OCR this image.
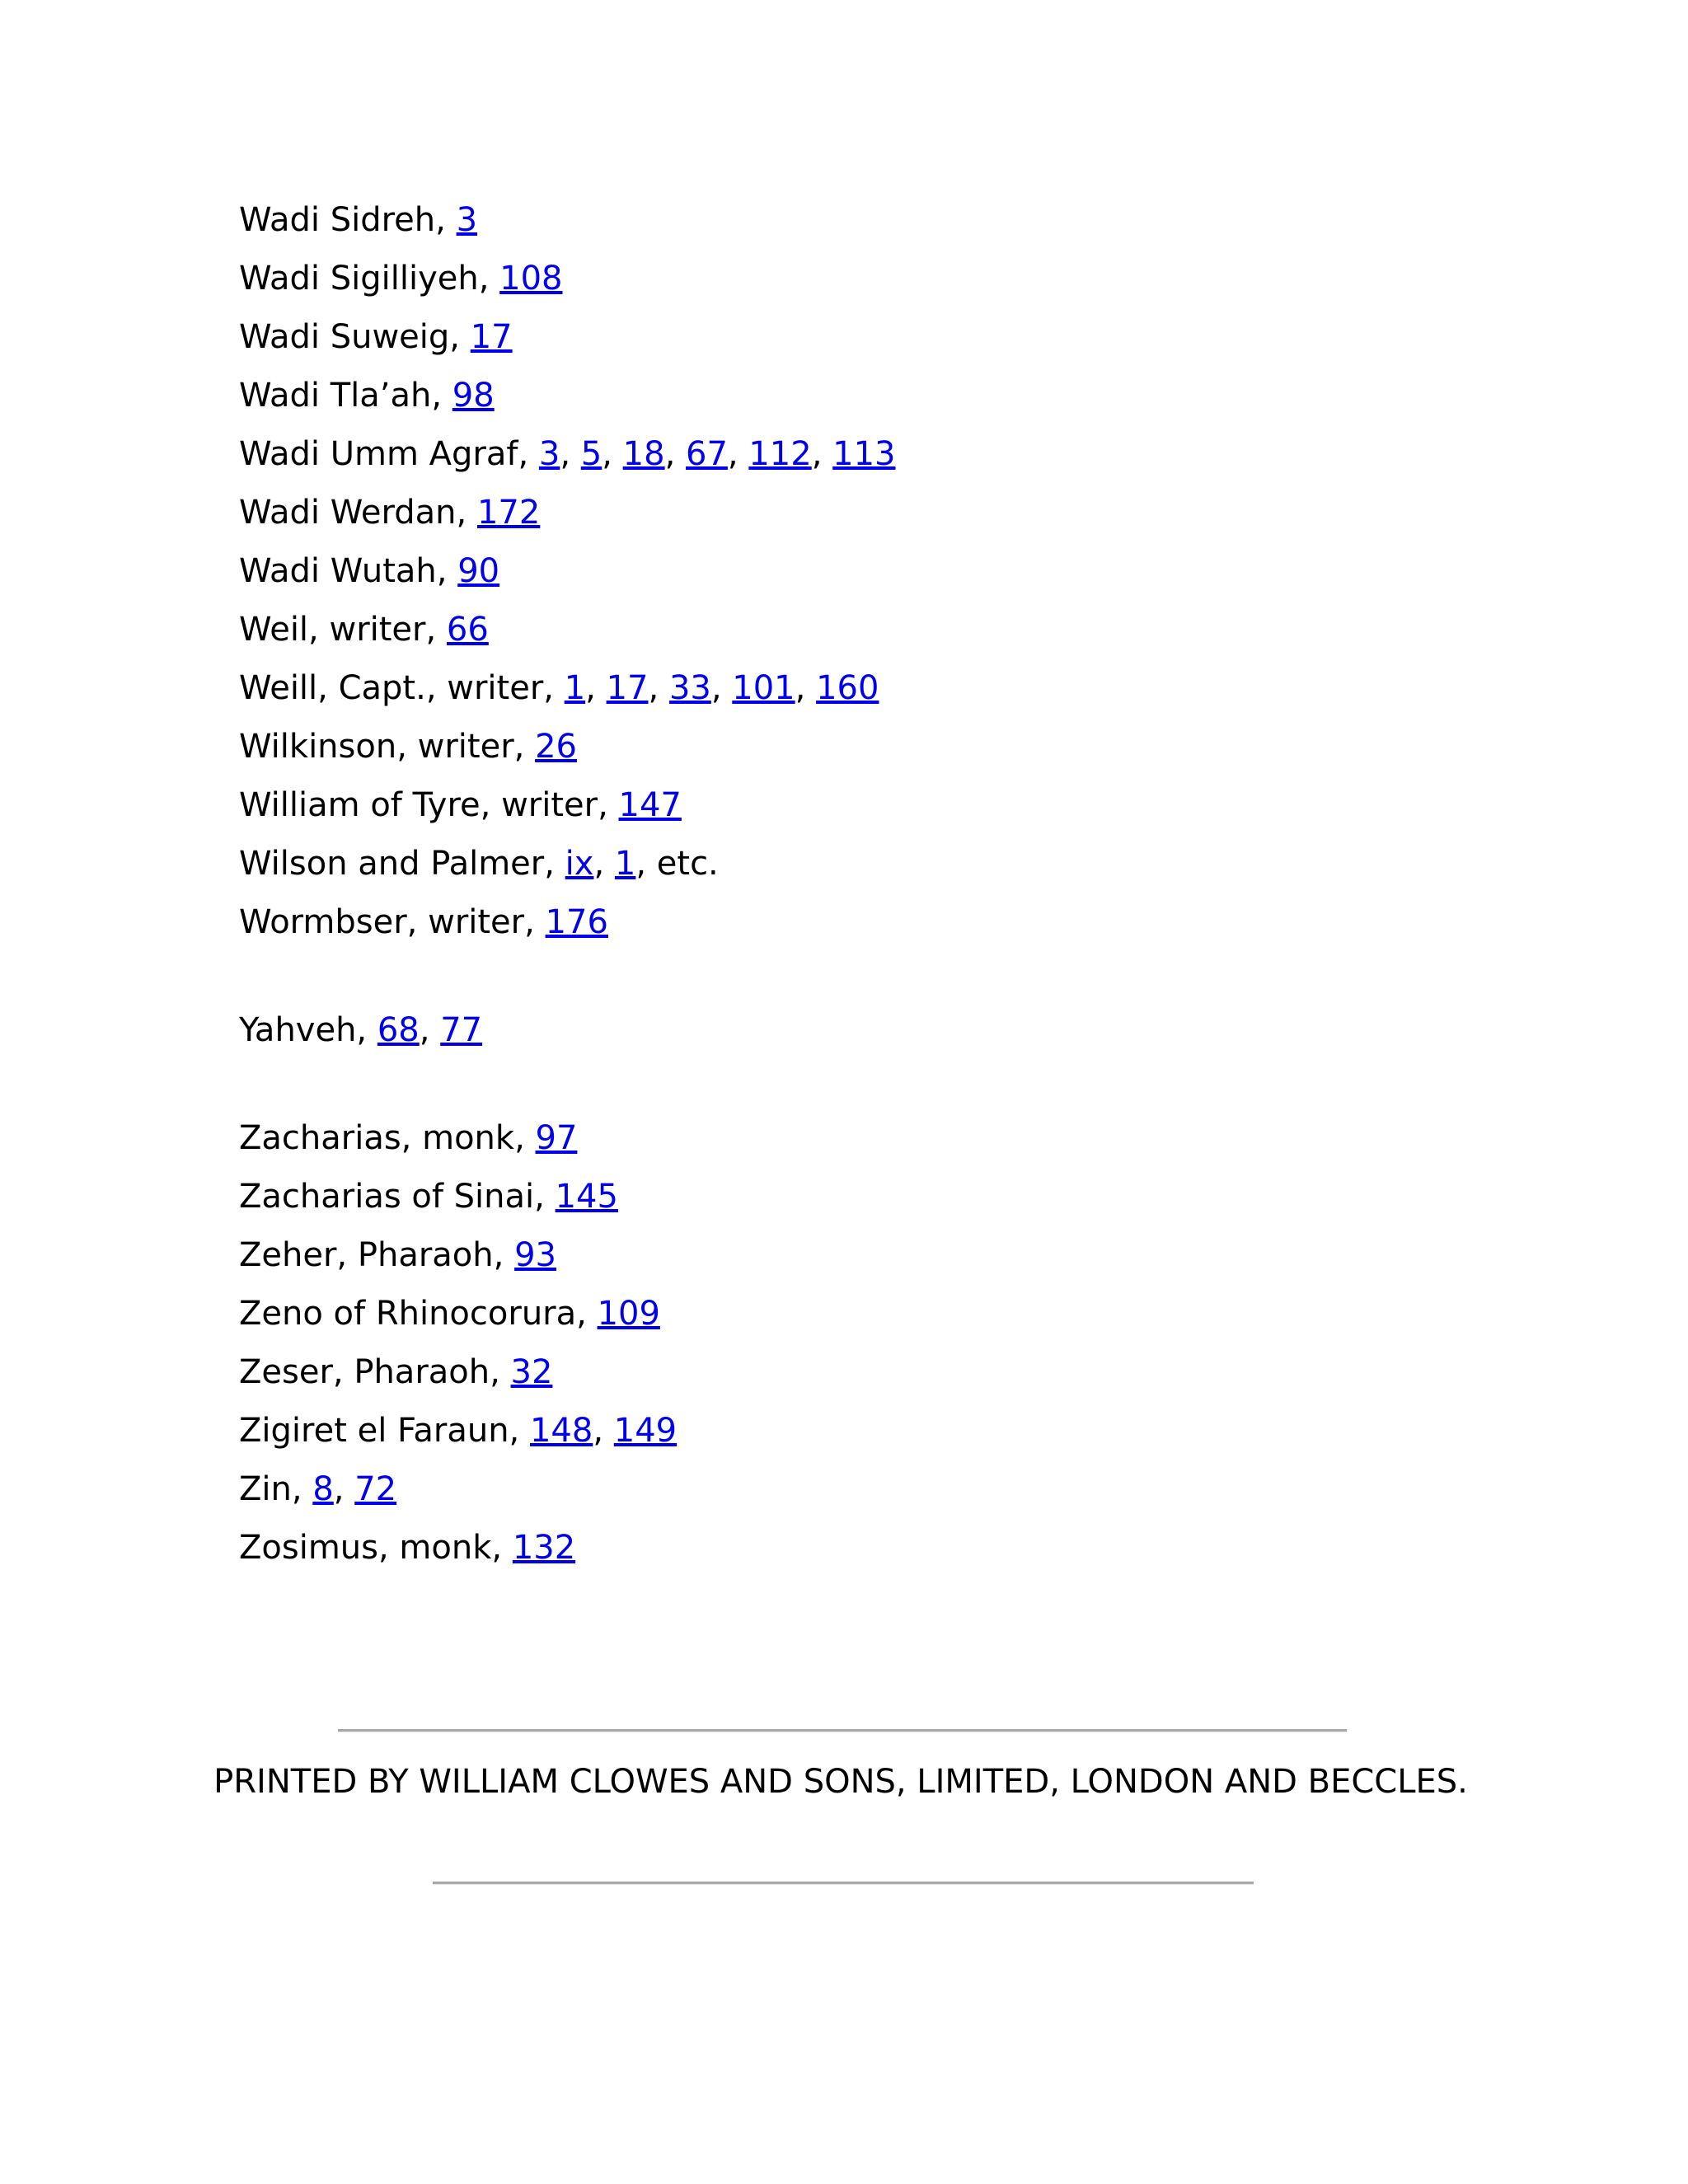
Wadi Sidreh, 3
Wadi Sigilliyeh, 108
Wadi Suweig, 17
Wadi Tla’ah, 98
Wadi Umm Agraf, 3, 5, 18, 67, 112, 113
Wadi Werdan, 172
Wadi Wutah, 90
Weil, writer, 66
Weill, Capt., writer, 1, 17, 33, 101, 160
Wilkinson, writer, 26
William of Tyre, writer, 147
Wilson and Palmer, ix, 1, etc.
Wormbser, writer, 176
Yahveh, 68, 77
Zacharias, monk, 97
Zacharias of Sinai, 145
Zeher, Pharaoh, 93
Zeno of Rhinocorura, 109
Zeser, Pharaoh, 32
Zigiret el Faraun, 148, 149
Zin, 8, 72
Zosimus, monk, 132
PRINTED BY WILLIAM CLOWES AND SONS, LIMITED, LONDON AND BECCLES.
